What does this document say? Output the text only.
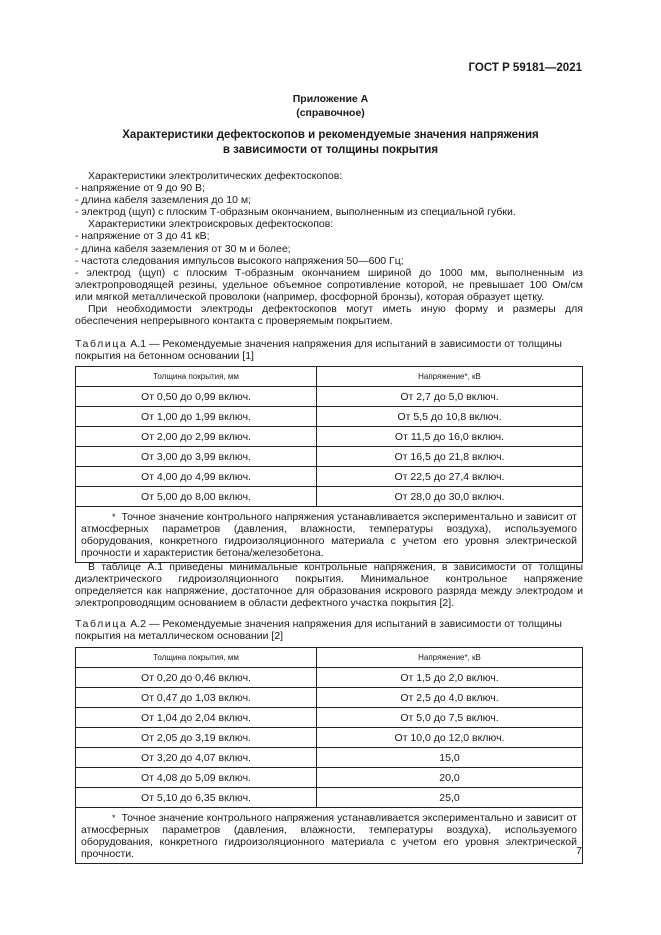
ГОСТ Р 59181—2021
Приложение А
(справочное)
Характеристики дефектоскопов и рекомендуемые значения напряжения
в зависимости от толщины покрытия

Характеристики электролитических дефектоскопов:

- напряжение от 9 до 90 В;

- длина кабеля заземления до 10 м;

- электрод (щуп) с плоским Т-образным окончанием, выполненным из специальной губки.

Характеристики электроискровых дефектоскопов:

- напряжение от 3 до 41 кВ;

- длина кабеля заземления от 30 м и более;

- частота следования импульсов высокого напряжения 50—600 Гц;

- электрод (щуп) с плоским Т-образным окончанием шириной до 1000 мм, выполненным из электропроводящей резины, удельное объемное сопротивление которой, не превышает 100 Ом/см или мягкой металлической проволоки (например, фосфорной бронзы), которая образует щетку.

При необходимости электроды дефектоскопов могут иметь иную форму и размеры для обеспечения непрерывного контакта с проверяемым покрытием.

Таблица А.1 — Рекомендуемые значения напряжения для испытаний в зависимости от толщины покрытия на бетонном основании [1]
Толщина покрытия, мм	Напряжение*, кВ
От 0,50 до 0,99 включ.	От 2,7 до 5,0 включ.
От 1,00 до 1,99 включ.	От 5,5 до 10,8 включ.
От 2,00 до 2,99 включ.	От 11,5 до 16,0 включ.
От 3,00 до 3,99 включ.	От 16,5 до 21,8 включ.
От 4,00 до 4,99 включ.	От 22,5 до 27,4 включ.
От 5,00 до 8,00 включ.	От 28,0 до 30,0 включ.
* Точное значение контрольного напряжения устанавливается экспериментально и зависит от атмосферных параметров (давления, влажности, температуры воздуха), используемого оборудования, конкретного гидроизоляционного материала с учетом его уровня электрической прочности и характеристик бетона/железобетона.	

В таблице А.1 приведены минимальные контрольные напряжения, в зависимости от толщины диэлектрического гидроизоляционного покрытия. Минимальное контрольное напряжение определяется как напряжение, достаточное для образования искрового разряда между электродом и электропроводящим основанием в области дефектного участка покрытия [2].

Таблица А.2 — Рекомендуемые значения напряжения для испытаний в зависимости от толщины покрытия на металлическом основании [2]
Толщина покрытия, мм	Напряжение*, кВ
От 0,20 до 0,46 включ.	От 1,5 до 2,0 включ.
От 0,47 до 1,03 включ.	От 2,5 до 4,0 включ.
От 1,04 до 2,04 включ.	От 5,0 до 7,5 включ.
От 2,05 до 3,19 включ.	От 10,0 до 12,0 включ.
От 3,20 до 4,07 включ.	15,0
От 4,08 до 5,09 включ.	20,0
От 5,10 до 6,35 включ.	25,0
* Точное значение контрольного напряжения устанавливается экспериментально и зависит от атмосферных параметров (давления, влажности, температуры воздуха), используемого оборудования, конкретного гидроизоляционного материала с учетом его уровня электрической прочности.		7
